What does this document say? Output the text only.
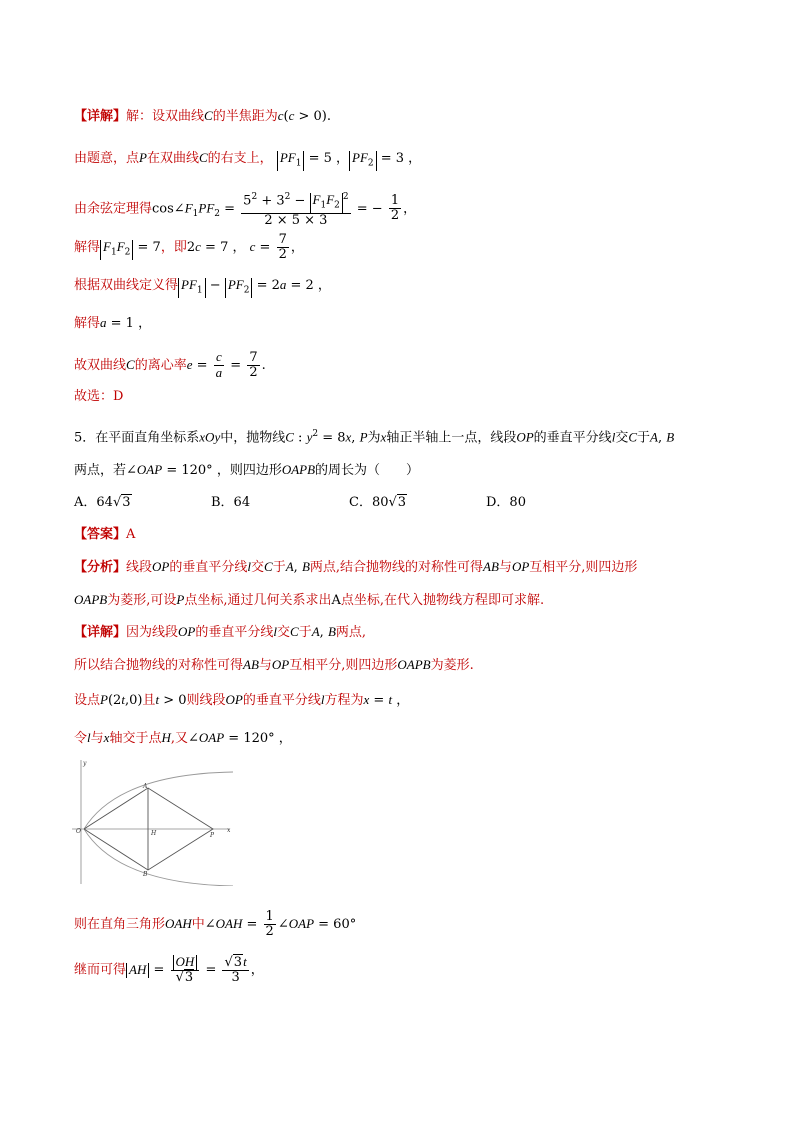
【详解】解：设双曲线C的半焦距为c(c > 0).
由题意，点P在双曲线C的右支上， $PF_1 = 5$ ， $PF_2 = 3$ ，
由余弦定理得$\cos\angle F_1PF_2 = \frac{5^2 + 3^2 - F_1F_2^2}{2 \times 5 \times 3}$ = − $\frac{1}{2}$ ，
解得 $F_1F_2 = 7$，即2c = 7 ， $c = \frac{7}{2}$ ，
根据双曲线定义得 $PF_1 - PF_2 = 2a = 2$ ，
解得a = 1 ，
故双曲线C的离心率$e = \frac{c}{a} = \frac{7}{2}$ .
故选：D
5．在平面直角坐标系xOy中，抛物线C : $y^2 = 8x$, P为x轴正半轴上一点，线段OP的垂直平分线l交C于A, B
两点，若∠OAP = 120° ，则四边形OAPB的周长为（　　）
A．64√3	B．64	C．80√3	D．80
【答案】A
【分析】线段OP的垂直平分线l交C于A, B两点,结合抛物线的对称性可得AB与OP互相平分,则四边形
OAPB为菱形,可设P点坐标,通过几何关系求出A点坐标,在代入抛物线方程即可求解.
【详解】因为线段OP的垂直平分线l交C于A, B两点,
所以结合抛物线的对称性可得AB与OP互相平分,则四边形OAPB为菱形.
设点P(2t,0)且t > 0则线段OP的垂直平分线l方程为x = t ，
令l与x轴交于点H,又∠OAP = 120° ，
A
B
O	H	P
x
y
则在直角三角形OAH中∠OAH = $\frac{1}{2}$ ∠OAP = 60°
继而可得 AH = $\frac{OH}{√3} = \frac{√3t}{3}$ ，
